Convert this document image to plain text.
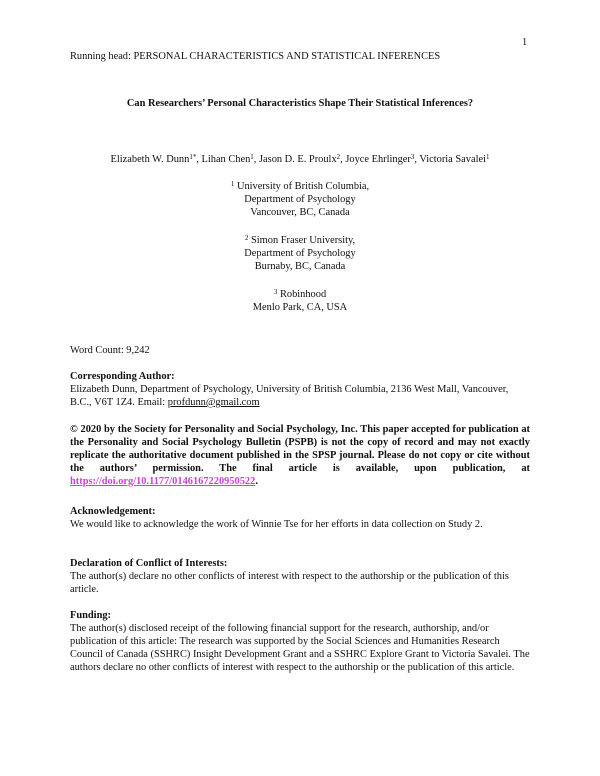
1
Running head: PERSONAL CHARACTERISTICS AND STATISTICAL INFERENCES
Can Researchers’ Personal Characteristics Shape Their Statistical Inferences?
Elizabeth W. Dunn$^{1*}$, Lihan Chen$^1$, Jason D. E. Proulx$^2$, Joyce Ehrlinger$^3$, Victoria Savalei$^1$
$^1$ University of British Columbia,
Department of Psychology
Vancouver, BC, Canada
$^2$ Simon Fraser University,
Department of Psychology
Burnaby, BC, Canada
$^3$ Robinhood
Menlo Park, CA, USA
Word Count: 9,242
Corresponding Author:
Elizabeth Dunn, Department of Psychology, University of British Columbia, 2136 West Mall, Vancouver, B.C., V6T 1Z4. Email: profdunn@gmail.com
© 2020 by the Society for Personality and Social Psychology, Inc. This paper accepted for publication at the Personality and Social Psychology Bulletin (PSPB) is not the copy of record and may not exactly replicate the authoritative document published in the SPSP journal. Please do not copy or cite without the authors’ permission. The final article is available, upon publication, at https://doi.org/10.1177/0146167220950522.
Acknowledgement:
We would like to acknowledge the work of Winnie Tse for her efforts in data collection on Study 2.
Declaration of Conflict of Interests:
The author(s) declare no other conflicts of interest with respect to the authorship or the publication of this article.
Funding:
The author(s) disclosed receipt of the following financial support for the research, authorship, and/or publication of this article: The research was supported by the Social Sciences and Humanities Research Council of Canada (SSHRC) Insight Development Grant and a SSHRC Explore Grant to Victoria Savalei. The authors declare no other conflicts of interest with respect to the authorship or the publication of this article.
